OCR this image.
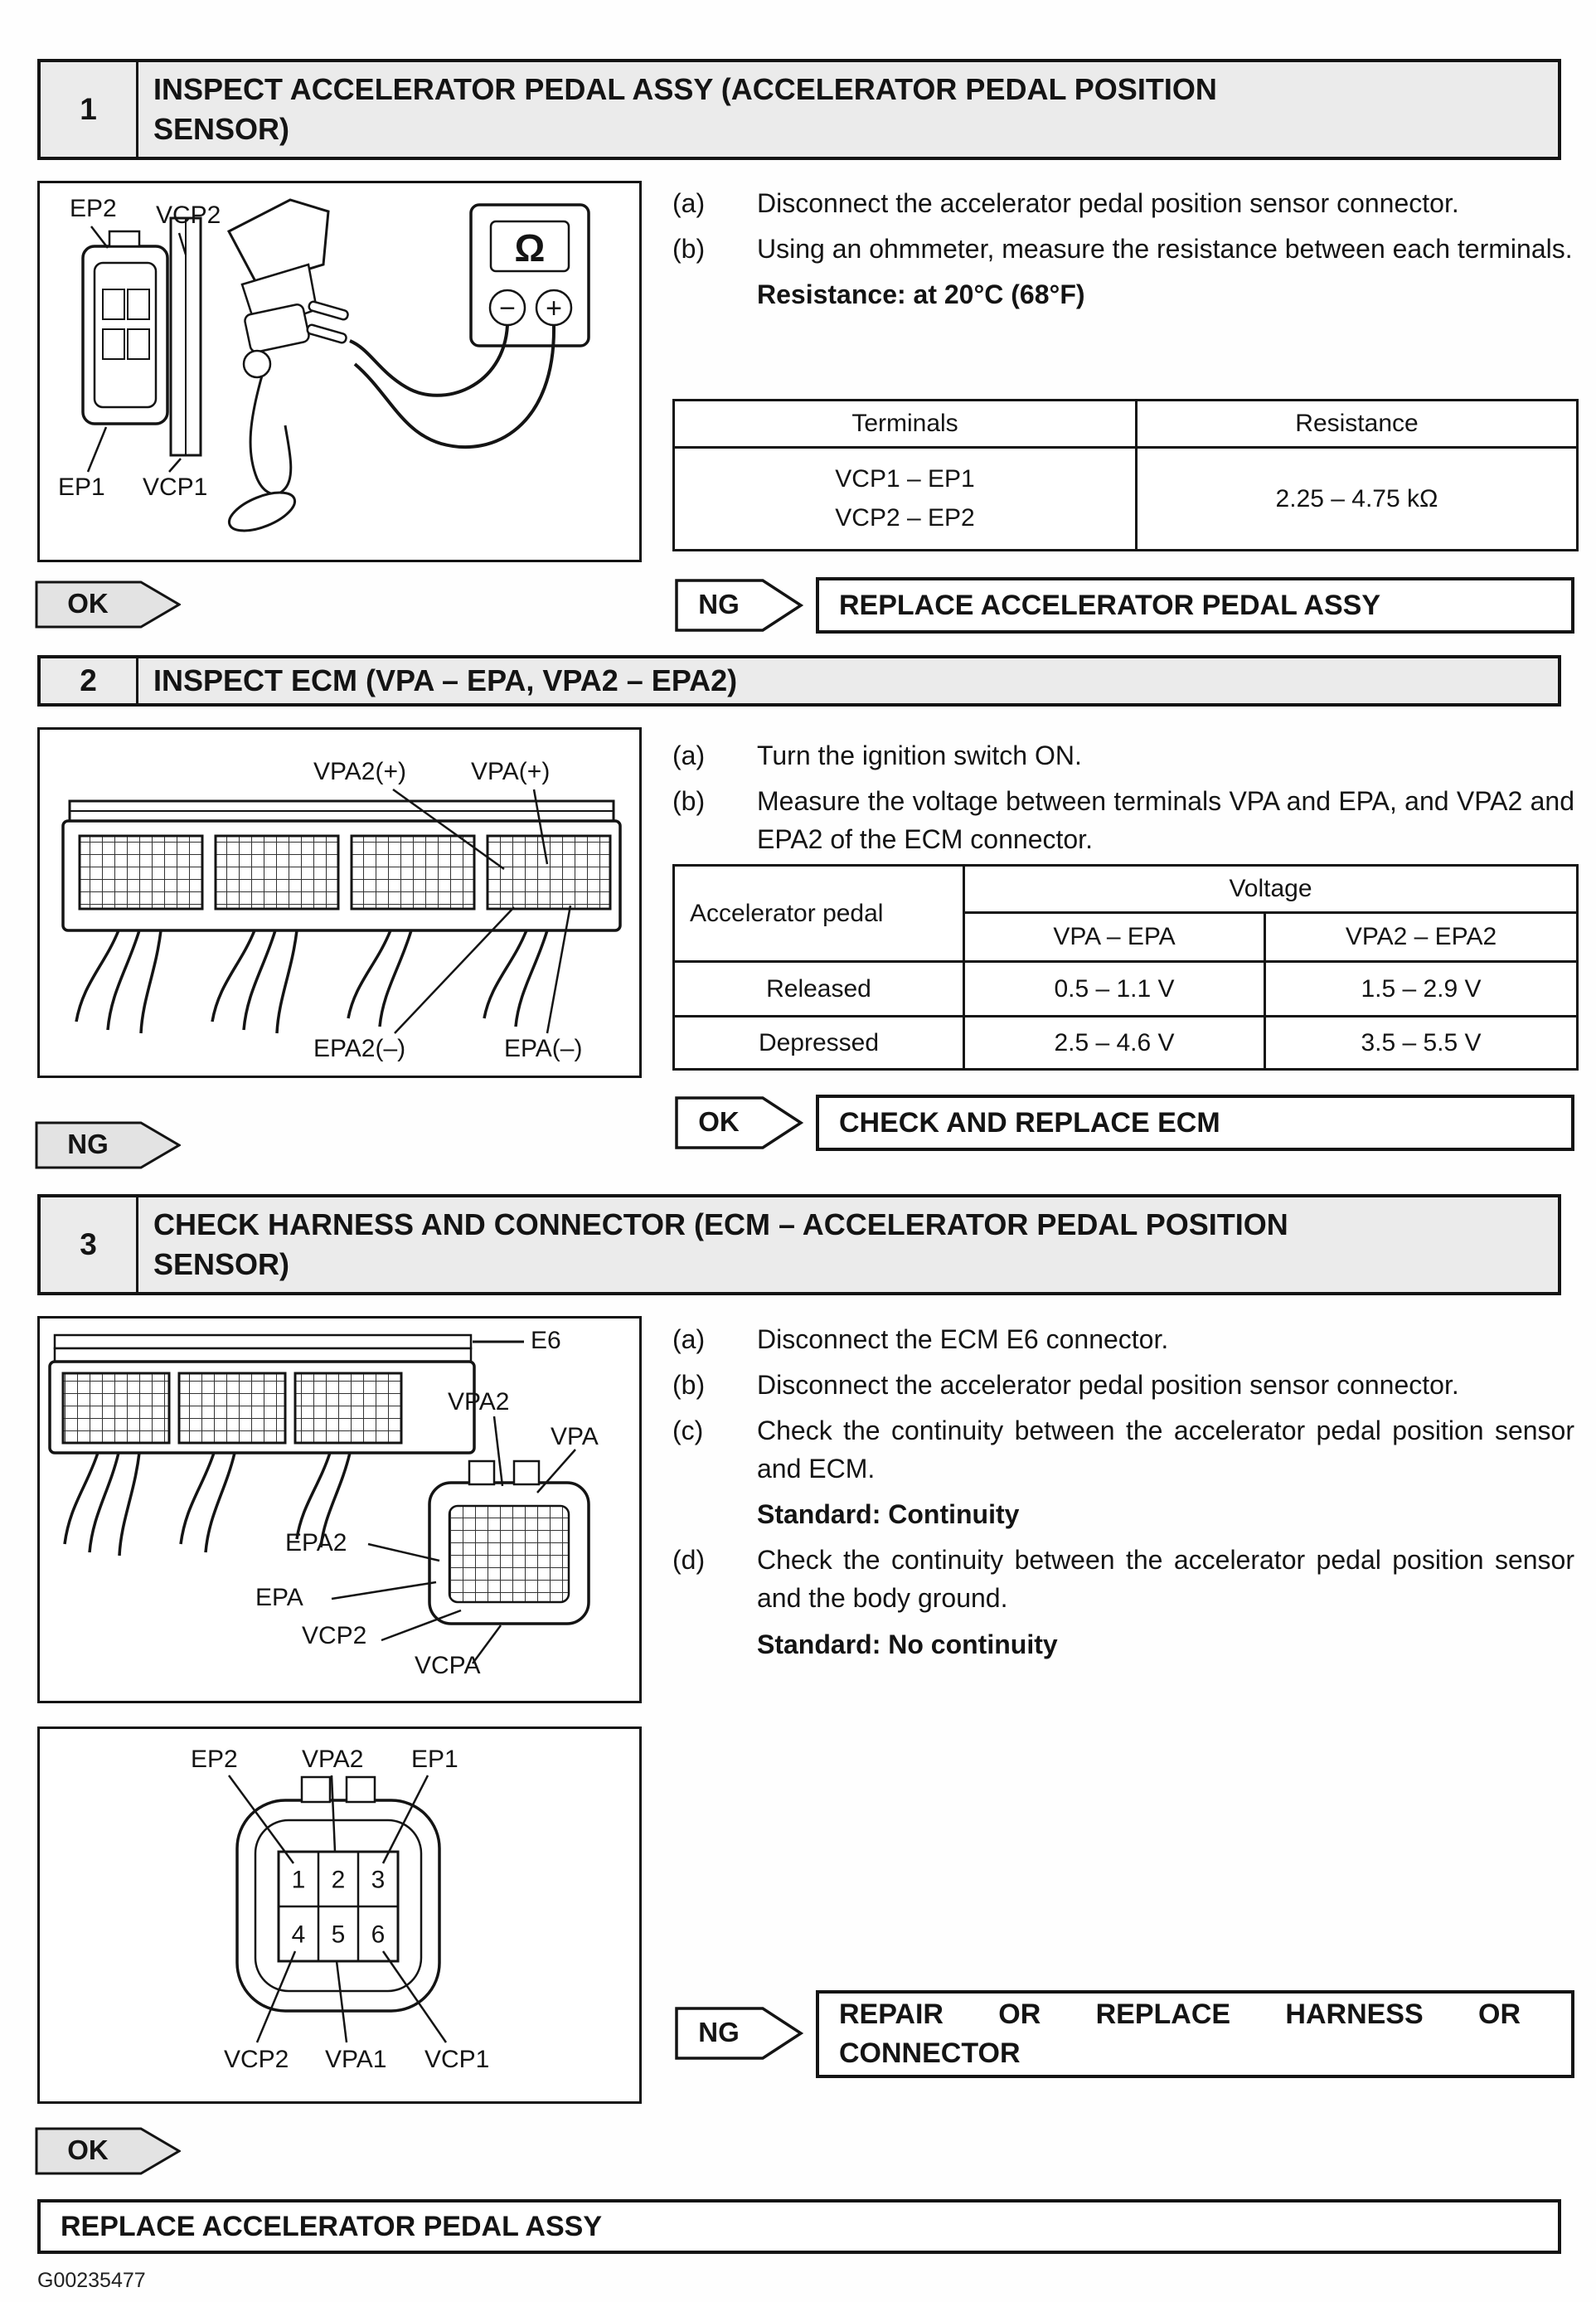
1
INSPECT ACCELERATOR PEDAL ASSY (ACCELERATOR PEDAL POSITION
SENSOR)
Ω
− +
EP2 VCP2
EP1 VCP1
(a)	Disconnect the accelerator pedal position sensor connector.
(b)	Using an ohmmeter, measure the resistance between each terminals.
Resistance: at 20°C (68°F)
Terminals	Resistance

VCP1 – EP1
VCP2 – EP2	2.25 – 4.75 kΩ
OK	NG	REPLACE ACCELERATOR PEDAL ASSY
2	INSPECT ECM (VPA – EPA, VPA2 – EPA2)
VPA2(+)	VPA(+)
EPA2(–)	EPA(–)
(a)	Turn the ignition switch ON.
(b)	Measure the voltage between terminals VPA and EPA, and VPA2 and EPA2 of the ECM connector.
Accelerator pedal	Voltage	
	VPA – EPA	VPA2 – EPA2
Released	0.5 – 1.1 V	1.5 – 2.9 V
Depressed	2.5 – 4.6 V	3.5 – 5.5 V
OK	CHECK AND REPLACE ECM
NG
3
CHECK HARNESS AND CONNECTOR (ECM – ACCELERATOR PEDAL POSITION
SENSOR)
E6
VPA2
VPA
EPA2
EPA
VCP2
VCPA
(a)	Disconnect the ECM E6 connector.
(b)	Disconnect the accelerator pedal position sensor connector.
(c)	Check the continuity between the accelerator pedal position sensor and ECM.
Standard: Continuity
(d)	Check the continuity between the accelerator pedal position sensor and the body ground.
Standard: No continuity
1 2 3
4 5 6
EP2	VPA2 EP1
VCP2 VPA1 VCP1
NG
REPAIR OR REPLACE HARNESS OR CONNECTOR
OK
REPLACE ACCELERATOR PEDAL ASSY
G00235477
